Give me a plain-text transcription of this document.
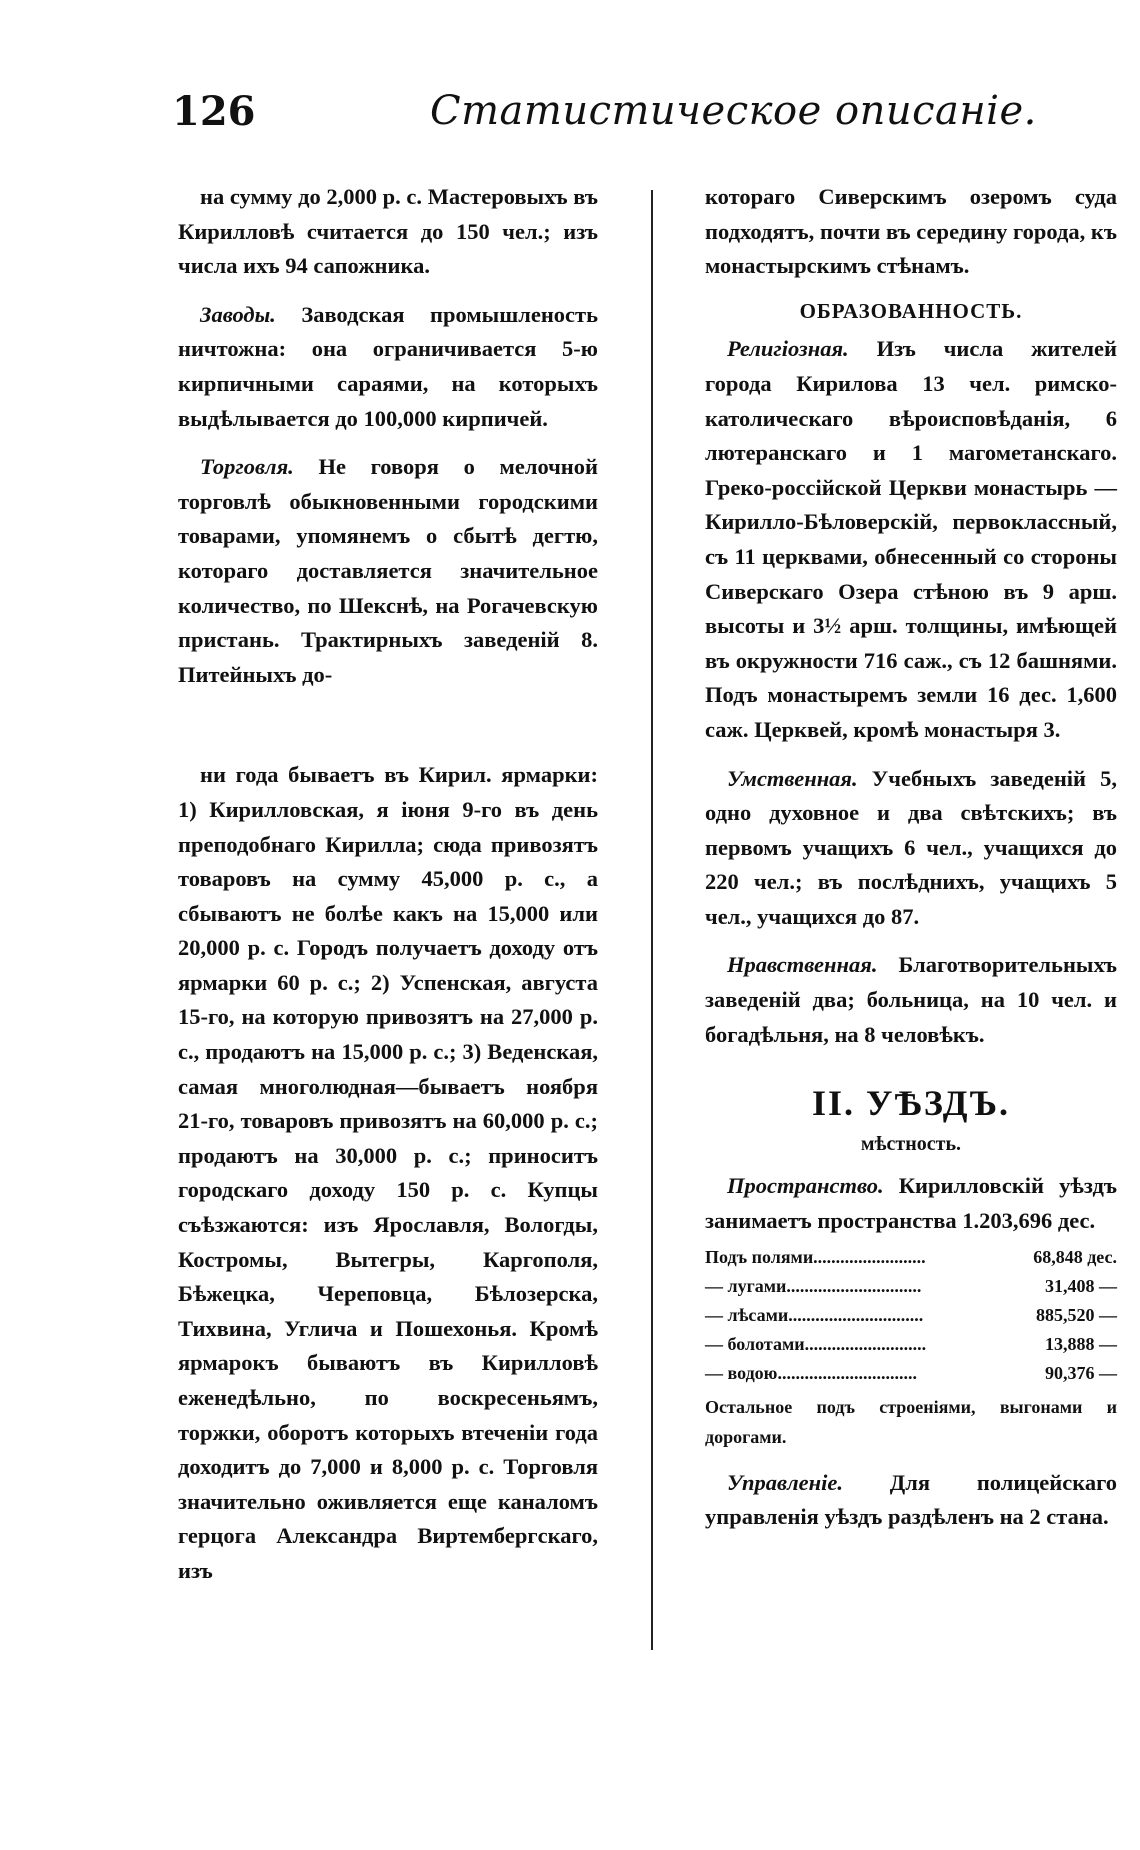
126	Статистическое описаніе.

на сумму до 2,000 р. с. Мастеровыхъ въ Кирилловѣ считается до 150 чел.; изъ числа ихъ 94 сапожника.

Заводы. Заводская промышленость ничтожна: она ограничивается 5-ю кирпичными сараями, на которыхъ выдѣлывается до 100,000 кирпичей.

Торговля. Не говоря о мелочной торговлѣ обыкновенными городскими товарами, упомянемъ о сбытѣ дегтю, котораго доставляется значительное количество, по Шекснѣ, на Рогачевскую пристань. Трактирныхъ заведеній 8. Питейныхъ до-

ни года бываетъ въ Кирил. ярмарки: 1) Кирилловская, я іюня 9-го въ день преподобнаго Кирилла; сюда привозятъ товаровъ на сумму 45,000 р. с., а сбываютъ не болѣе какъ на 15,000 или 20,000 р. с. Городъ получаетъ доходу отъ ярмарки 60 р. с.; 2) Успенская, августа 15-го, на которую привозятъ на 27,000 р. с., продаютъ на 15,000 р. с.; 3) Веденская, самая многолюдная—бываетъ ноября 21-го, товаровъ привозятъ на 60,000 р. с.; продаютъ на 30,000 р. с.; приноситъ городскаго доходу 150 р. с. Купцы съѣзжаются: изъ Ярославля, Вологды, Костромы, Вытегры, Каргополя, Бѣжецка, Череповца, Бѣлозерска, Тихвина, Углича и Пошехонья. Кромѣ ярмарокъ бываютъ въ Кирилловѣ еженедѣльно, по воскресеньямъ, торжки, оборотъ которыхъ втеченіи года доходитъ до 7,000 и 8,000 р. с. Торговля значительно оживляется еще каналомъ герцога Александра Виртембергскаго, изъ

котораго Сиверскимъ озеромъ суда подходятъ, почти въ середину города, къ монастырскимъ стѣнамъ.

ОБРАЗОВАННОСТЬ.

Религіозная. Изъ числа жителей города Кирилова 13 чел. римско-католическаго вѣроисповѣданія, 6 лютеранскаго и 1 магометанскаго. Греко-россійской Церкви монастырь — Кирилло-Бѣловерскій, первоклассный, съ 11 церквами, обнесенный со стороны Сиверскаго Озера стѣною въ 9 арш. высоты и 3½ арш. толщины, имѣющей въ окружности 716 саж., съ 12 башнями. Подъ монастыремъ земли 16 дес. 1,600 саж. Церквей, кромѣ монастыря 3.

Умственная. Учебныхъ заведеній 5, одно духовное и два свѣтскихъ; въ первомъ учащихъ 6 чел., учащихся до 220 чел.; въ послѣднихъ, учащихъ 5 чел., учащихся до 87.

Нравственная. Благотворительныхъ заведеній два; больница, на 10 чел. и богадѣльня, на 8 человѣкъ.

II. УѢЗДЪ.
мѣстность.

Пространство. Кирилловскій уѣздъ занимаетъ пространства 1.203,696 дес.

Подъ полями.........................	68,848 дес.
— лугами..............................	31,408 —
— лѣсами..............................	885,520 —
— болотами...........................	13,888 —
— водою...............................	90,376 —

Остальное подъ строеніями, выгонами и дорогами.

Управленіе. Для полицейскаго управленія уѣздъ раздѣленъ на 2 стана.
